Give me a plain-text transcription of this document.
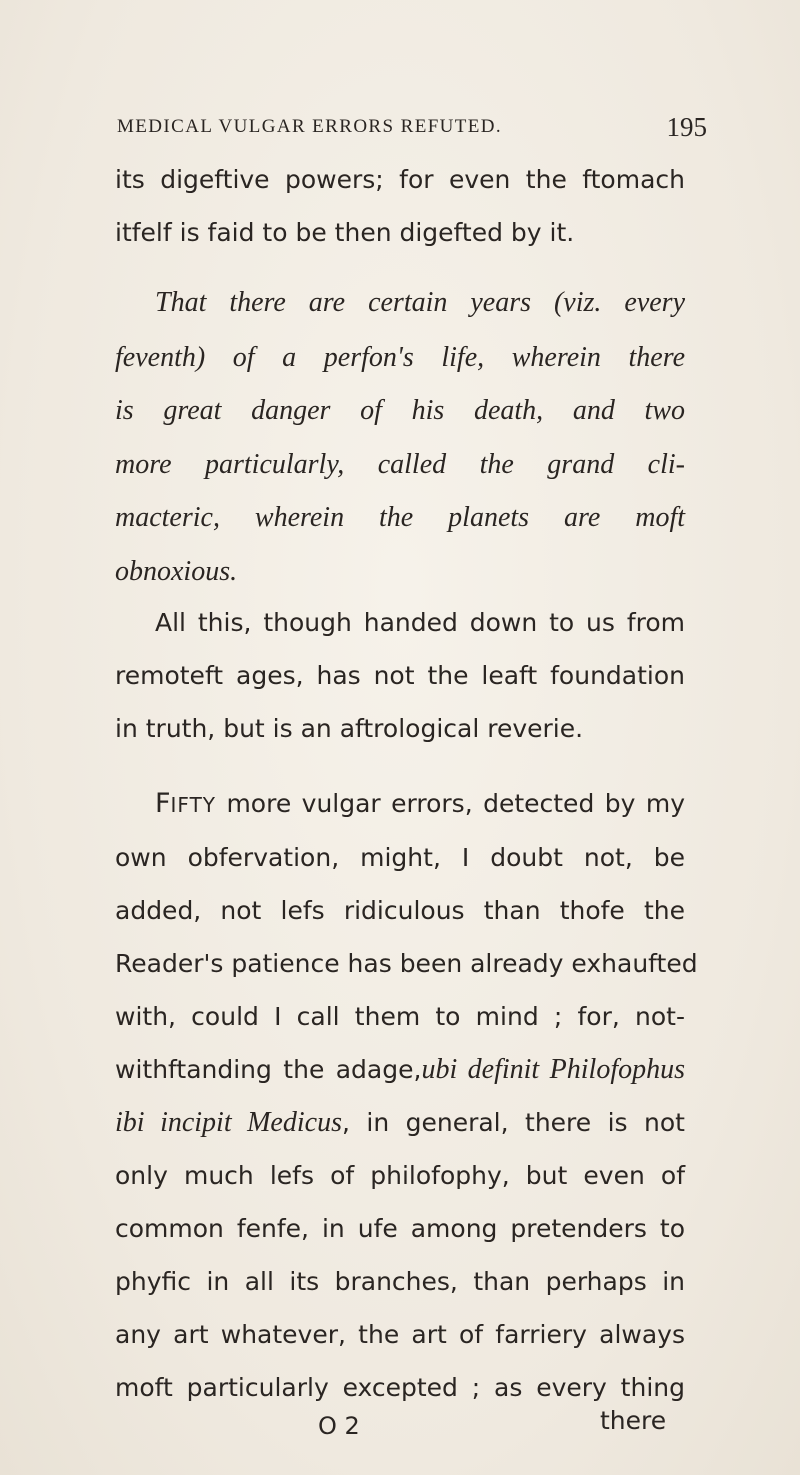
MEDICAL VULGAR ERRORS REFUTED.	195
its digeftive powers; for even the ftomach
itfelf is faid to be then digefted by it.
That there are certain years (viz. every
feventh) of a perfon's life, wherein there
is great danger of his death, and two
more particularly, called the grand cli-
macteric, wherein the planets are moft
obnoxious.
All this, though handed down to us from
remoteft ages, has not the leaft foundation
in truth, but is an aftrological reverie.
FIFTY more vulgar errors, detected by my
own obfervation, might, I doubt not, be
added, not lefs ridiculous than thofe the
Reader's patience has been already exhaufted
with, could I call them to mind ; for, not-
withftanding the adage,ubi definit Philofophus
ibi incipit Medicus, in general, there is not
only much lefs of philofophy, but even of
common fenfe, in ufe among pretenders to
phyfic in all its branches, than perhaps in
any art whatever, the art of farriery always
moft particularly excepted ; as every thing
O 2	there
